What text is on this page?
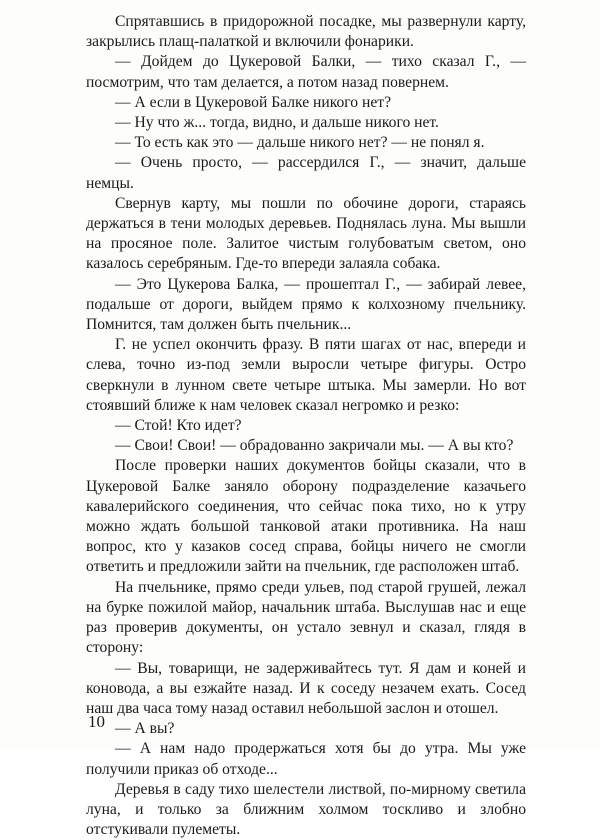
Спрятавшись в придорожной посадке, мы развернули карту, закрылись плащ-палаткой и включили фонарики.

— Дойдем до Цукеровой Балки, — тихо сказал Г., — посмотрим, что там делается, а потом назад повернем.

— А если в Цукеровой Балке никого нет?

— Ну что ж... тогда, видно, и дальше никого нет.

— То есть как это — дальше никого нет? — не понял я.

— Очень просто, — рассердился Г., — значит, дальше немцы.

Свернув карту, мы пошли по обочине дороги, стараясь держаться в тени молодых деревьев. Поднялась луна. Мы вышли на просяное поле. Залитое чистым голубоватым светом, оно казалось серебряным. Где-то впереди залаяла собака.

— Это Цукерова Балка, — прошептал Г., — забирай левее, подальше от дороги, выйдем прямо к колхозному пчельнику. Помнится, там должен быть пчельник...

Г. не успел окончить фразу. В пяти шагах от нас, впереди и слева, точно из-под земли выросли четыре фигуры. Остро сверкнули в лунном свете четыре штыка. Мы замерли. Но вот стоявший ближе к нам человек сказал негромко и резко:

— Стой! Кто идет?

— Свои! Свои! — обрадованно закричали мы. — А вы кто?

После проверки наших документов бойцы сказали, что в Цукеровой Балке заняло оборону подразделение казачьего кавалерийского соединения, что сейчас пока тихо, но к утру можно ждать большой танковой атаки противника. На наш вопрос, кто у казаков сосед справа, бойцы ничего не смогли ответить и предложили зайти на пчельник, где расположен штаб.

На пчельнике, прямо среди ульев, под старой грушей, лежал на бурке пожилой майор, начальник штаба. Выслушав нас и еще раз проверив документы, он устало зевнул и сказал, глядя в сторону:

— Вы, товарищи, не задерживайтесь тут. Я дам и коней и коновода, а вы езжайте назад. И к соседу незачем ехать. Сосед наш два часа тому назад оставил небольшой заслон и отошел.

— А вы?

— А нам надо продержаться хотя бы до утра. Мы уже получили приказ об отходе...

Деревья в саду тихо шелестели листвой, по-мирному светила луна, и только за ближним холмом тоскливо и злобно отстукивали пулеметы.

10
